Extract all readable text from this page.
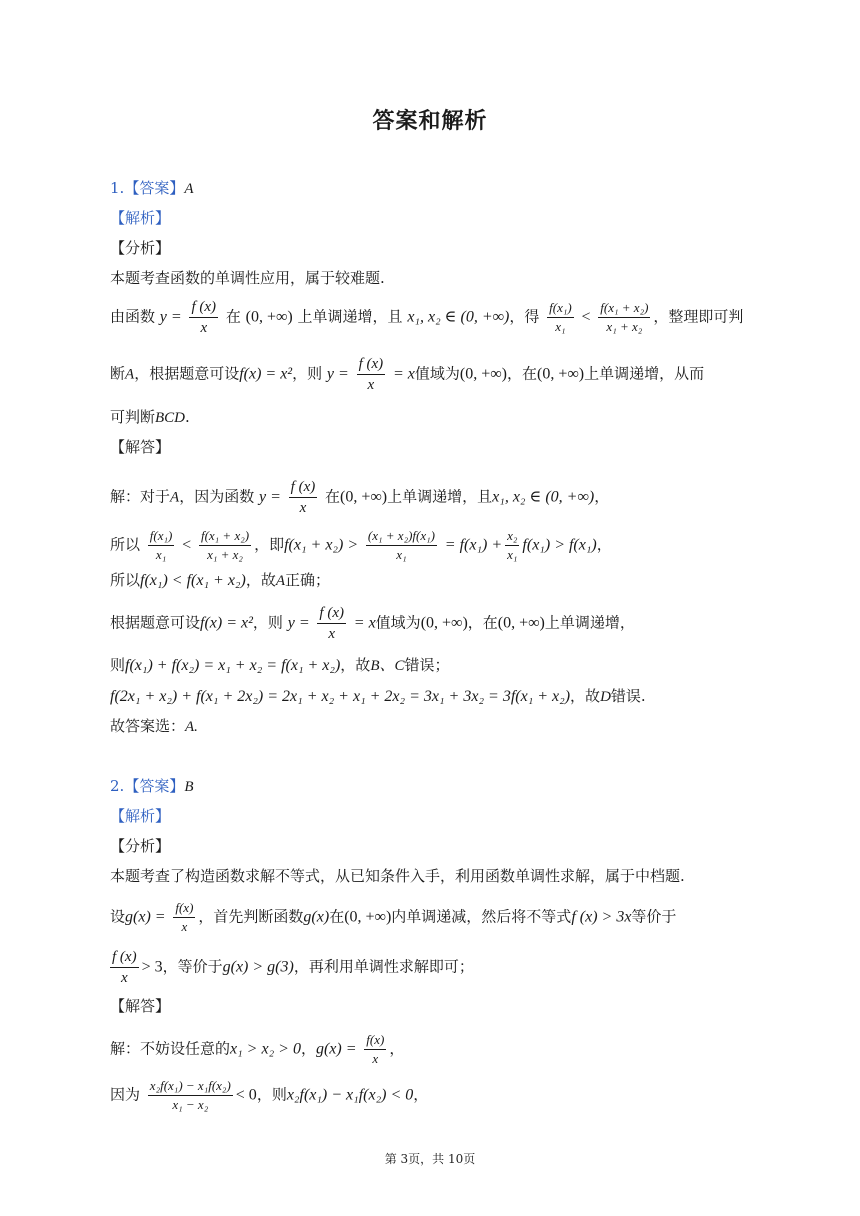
答案和解析
1.【答案】A
【解析】
【分析】
本题考查函数的单调性应用，属于较难题.
由函数 $y = \frac{f (x)}{x}$ 在 (0, +∞) 上单调递增，且 x₁, x₂ ∈ (0, +∞)，得 $\frac{\text{f(x₁)}}{\text{x₁}} < \frac{\text{f(x₁ + x₂)}}{\text{x₁ + x₂}}$ ，整理即可判
断A，根据题意可设f(x) = x²，则 $y = \frac{f (x)}{x} = x$值域为(0, +∞)，在(0, +∞)上单调递增，从而
可判断BCD.
【解答】
解：对于A，因为函数 $y = \frac{f (x)}{x}$ 在(0, +∞)上单调递增，且x₁, x₂ ∈ (0, +∞)，
所以 $\frac{\text{f(x₁)}}{\text{x₁}} < \frac{\text{f(x₁ + x₂)}}{\text{x₁ + x₂}}$ ，即$f(x_1 + x_2) > \frac{\text{(x₁ + x₂)f(x₁)}}{\text{x₁}} = f(x_1) + \frac{\text{x₂}}{\text{x₁}} f(x_1) > f(x_1)$，
所以f(x₁) < f(x₁ + x₂)，故A正确；
根据题意可设f(x) = x²，则 $y = \frac{f (x)}{x} = x$值域为(0, +∞)，在(0, +∞)上单调递增，
则f(x₁) + f(x₂) = x₁ + x₂ = f(x₁ + x₂)，故B、C错误；
f(2x₁ + x₂) + f(x₁ + 2x₂) = 2x₁ + x₂ + x₁ + 2x₂ = 3x₁ + 3x₂ = 3f(x₁ + x₂)，故D错误.
故答案选：A.
2.【答案】B
【解析】
【分析】
本题考查了构造函数求解不等式，从已知条件入手，利用函数单调性求解，属于中档题.
设$g(x) = \frac{f(x)}{x}$ ，首先判断函数g(x)在(0, +∞)内单调递减，然后将不等式f (x) > 3x等价于
$\frac{f (x)}{x} > 3$，等价于g(x) > g(3)，再利用单调性求解即可；
【解答】
解：不妨设任意的x₁ > x₂ > 0，$g(x) = \frac{f(x)}{x}$ ，
因为 $\frac{\text{x₂f(x₁) − x₁f(x₂)}}{\text{x₁ − x₂}} < 0$，则x₂f(x₁) − x₁f(x₂) < 0，
第 3页，共 10页
